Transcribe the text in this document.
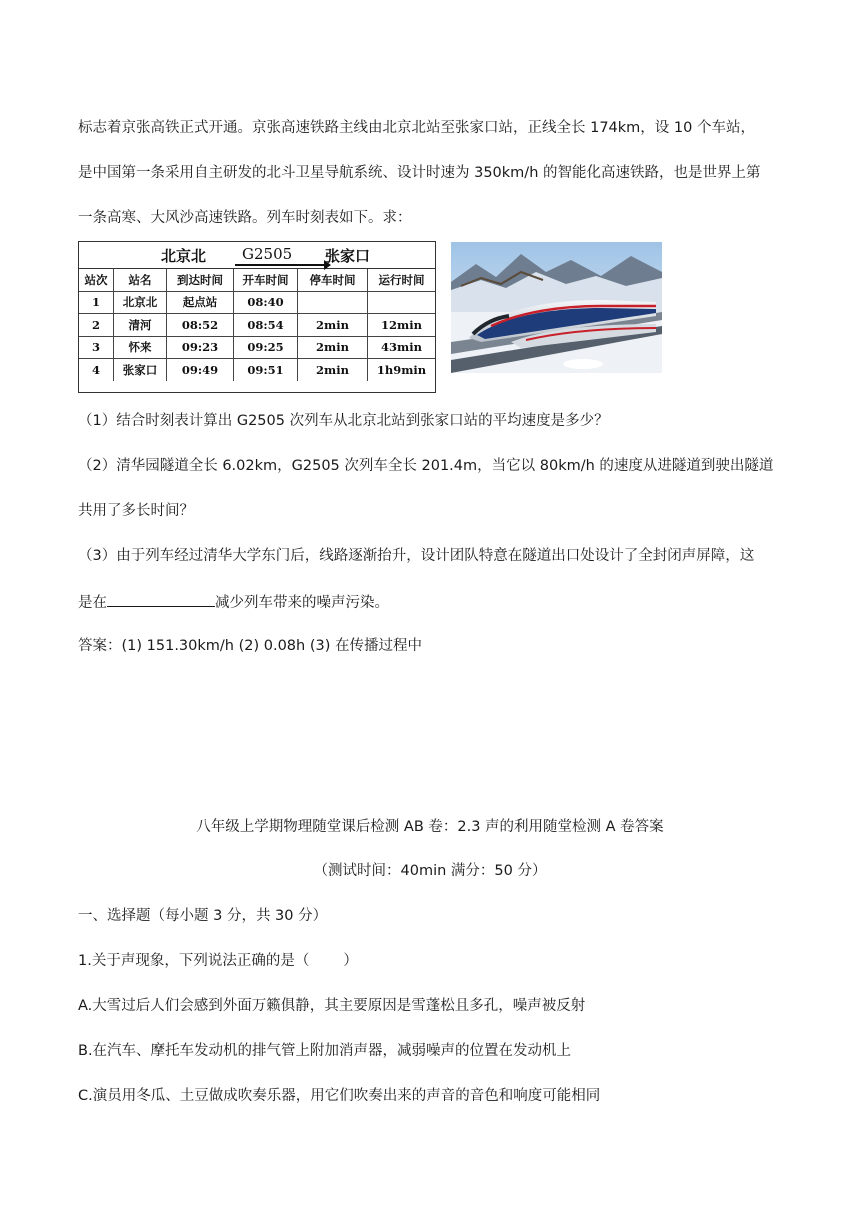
标志着京张高铁正式开通。京张高速铁路主线由北京北站至张家口站，正线全长 174km，设 10 个车站，
是中国第一条采用自主研发的北斗卫星导航系统、设计时速为 350km/h 的智能化高速铁路，也是世界上第
一条高寒、大风沙高速铁路。列车时刻表如下。求：
北京北 G2505 张家口
站次	站名	到达时间	开车时间	停车时间	运行时间
1	北京北	起点站	08:40		
2	清河	08:52	08:54	2min	12min
3	怀来	09:23	09:25	2min	43min
4	张家口	09:49	09:51	2min	1h9min
（1）结合时刻表计算出 G2505 次列车从北京北站到张家口站的平均速度是多少？
（2）清华园隧道全长 6.02km，G2505 次列车全长 201.4m，当它以 80km/h 的速度从进隧道到驶出隧道
共用了多长时间？
（3）由于列车经过清华大学东门后，线路逐渐抬升，设计团队特意在隧道出口处设计了全封闭声屏障，这
是在	减少列车带来的噪声污染。
答案：(1) 151.30km/h (2) 0.08h (3) 在传播过程中
八年级上学期物理随堂课后检测 AB 卷：2.3 声的利用随堂检测 A 卷答案
（测试时间：40min 满分：50 分）
一、选择题（每小题 3 分，共 30 分）
1.关于声现象，下列说法正确的是（ ）
A.大雪过后人们会感到外面万籁俱静，其主要原因是雪蓬松且多孔，噪声被反射
B.在汽车、摩托车发动机的排气管上附加消声器，减弱噪声的位置在发动机上
C.演员用冬瓜、土豆做成吹奏乐器，用它们吹奏出来的声音的音色和响度可能相同
